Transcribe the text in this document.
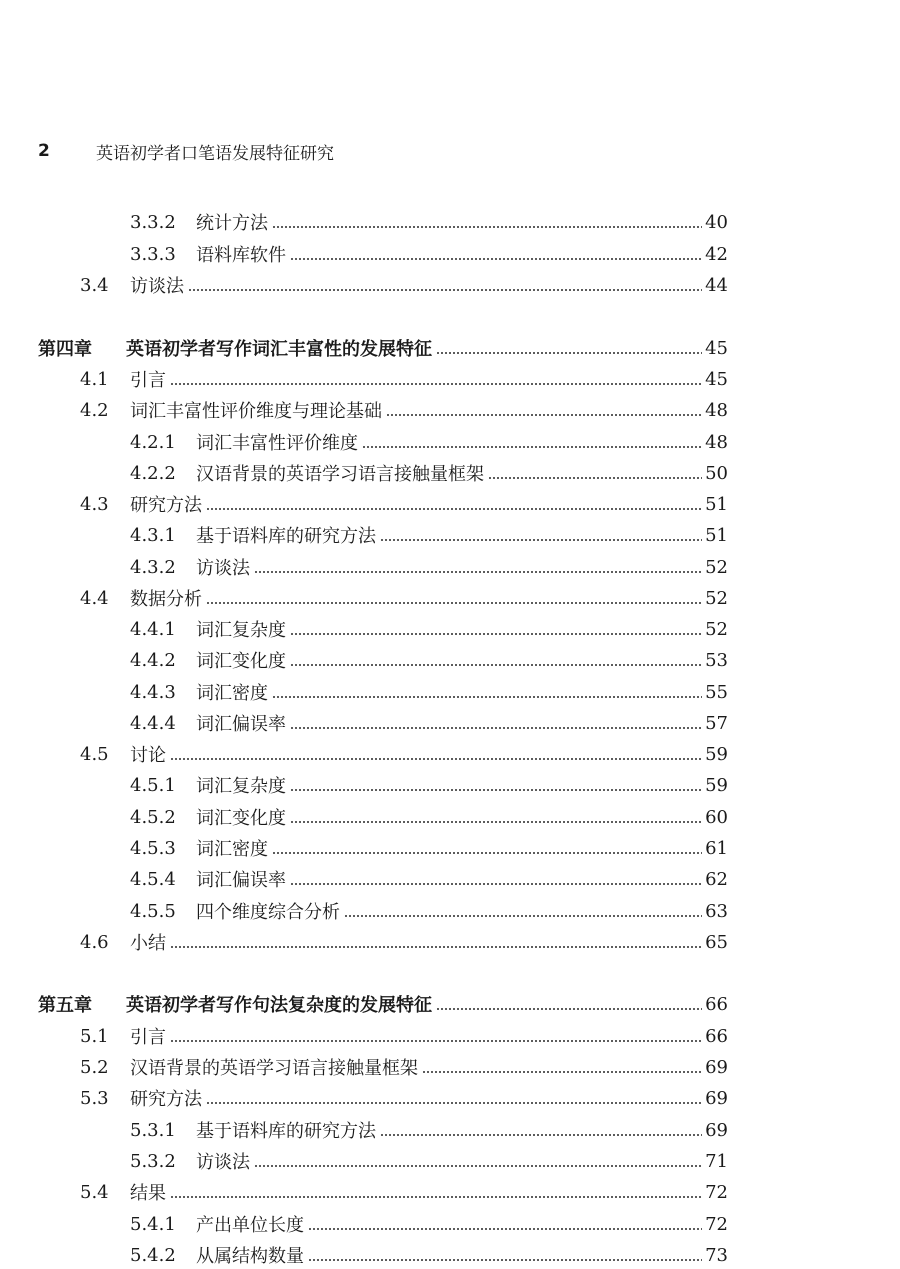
2	英语初学者口笔语发展特征研究
3.3.2 统计方法	40
3.3.3 语料库软件	42
3.4 访谈法	44
第四章 英语初学者写作词汇丰富性的发展特征	45
4.1 引言	45
4.2 词汇丰富性评价维度与理论基础	48
4.2.1 词汇丰富性评价维度	48
4.2.2 汉语背景的英语学习语言接触量框架	50
4.3 研究方法	51
4.3.1 基于语料库的研究方法	51
4.3.2 访谈法	52
4.4 数据分析	52
4.4.1 词汇复杂度	52
4.4.2 词汇变化度	53
4.4.3 词汇密度	55
4.4.4 词汇偏误率	57
4.5 讨论	59
4.5.1 词汇复杂度	59
4.5.2 词汇变化度	60
4.5.3 词汇密度	61
4.5.4 词汇偏误率	62
4.5.5 四个维度综合分析	63
4.6 小结	65
第五章 英语初学者写作句法复杂度的发展特征	66
5.1 引言	66
5.2 汉语背景的英语学习语言接触量框架	69
5.3 研究方法	69
5.3.1 基于语料库的研究方法	69
5.3.2 访谈法	71
5.4 结果	72
5.4.1 产出单位长度	72
5.4.2 从属结构数量	73
